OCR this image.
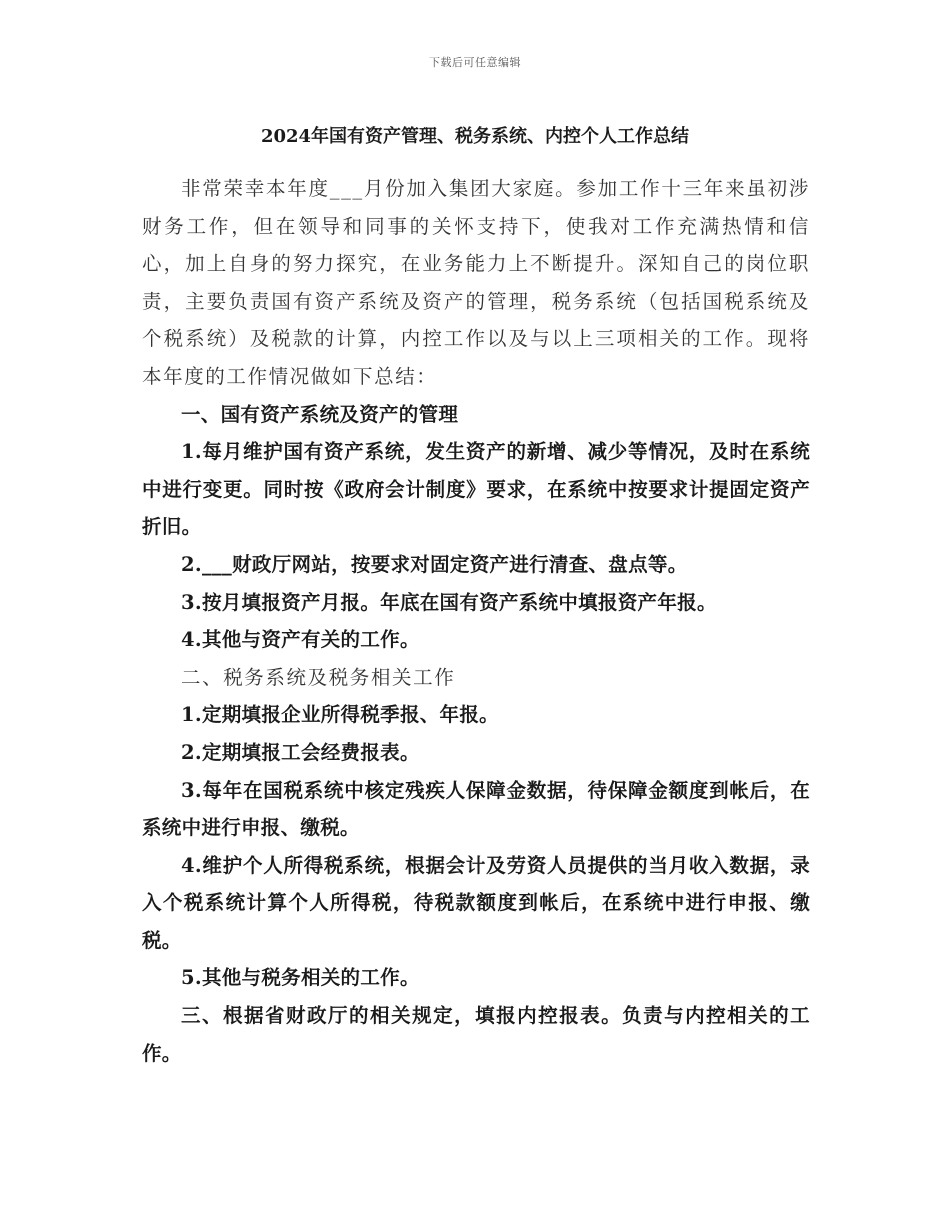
下载后可任意编辑
2024年国有资产管理、税务系统、内控个人工作总结

非常荣幸本年度___月份加入集团大家庭。参加工作十三年来虽初涉财务工作，但在领导和同事的关怀支持下，使我对工作充满热情和信心，加上自身的努力探究，在业务能力上不断提升。深知自己的岗位职责，主要负责国有资产系统及资产的管理，税务系统（包括国税系统及个税系统）及税款的计算，内控工作以及与以上三项相关的工作。现将本年度的工作情况做如下总结：

一、国有资产系统及资产的管理

1.每月维护国有资产系统，发生资产的新增、减少等情况，及时在系统中进行变更。同时按《政府会计制度》要求，在系统中按要求计提固定资产折旧。

2.___财政厅网站，按要求对固定资产进行清查、盘点等。

3.按月填报资产月报。年底在国有资产系统中填报资产年报。

4.其他与资产有关的工作。

二、税务系统及税务相关工作

1.定期填报企业所得税季报、年报。

2.定期填报工会经费报表。

3.每年在国税系统中核定残疾人保障金数据，待保障金额度到帐后，在系统中进行申报、缴税。

4.维护个人所得税系统，根据会计及劳资人员提供的当月收入数据，录入个税系统计算个人所得税，待税款额度到帐后，在系统中进行申报、缴税。

5.其他与税务相关的工作。

三、根据省财政厅的相关规定，填报内控报表。负责与内控相关的工作。
